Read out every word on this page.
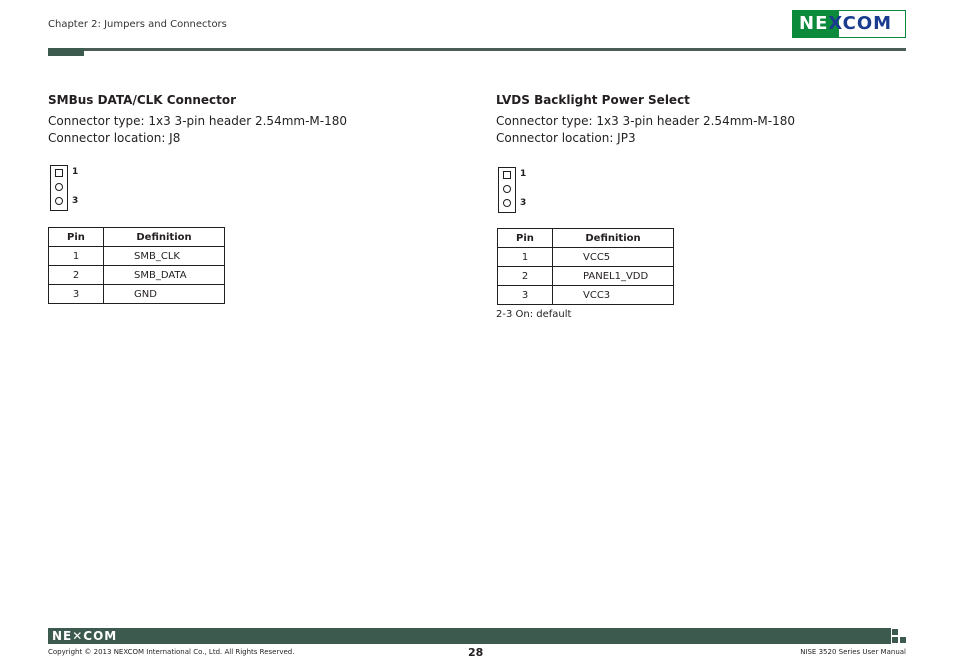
Chapter 2: Jumpers and Connectors	NEXCOM
SMBus DATA/CLK Connector
Connector type: 1x3 3-pin header 2.54mm-M-180
Connector location: J8
1
3
Pin	Definition
1	SMB_CLK
2	SMB_DATA
3	GND
LVDS Backlight Power Select
Connector type: 1x3 3-pin header 2.54mm-M-180
Connector location: JP3
1
3
Pin	Definition
1	VCC5
2	PANEL1_VDD
3	VCC3
2-3 On: default
NE✕COM
Copyright © 2013 NEXCOM International Co., Ltd. All Rights Reserved.	28	NISE 3520 Series User Manual
